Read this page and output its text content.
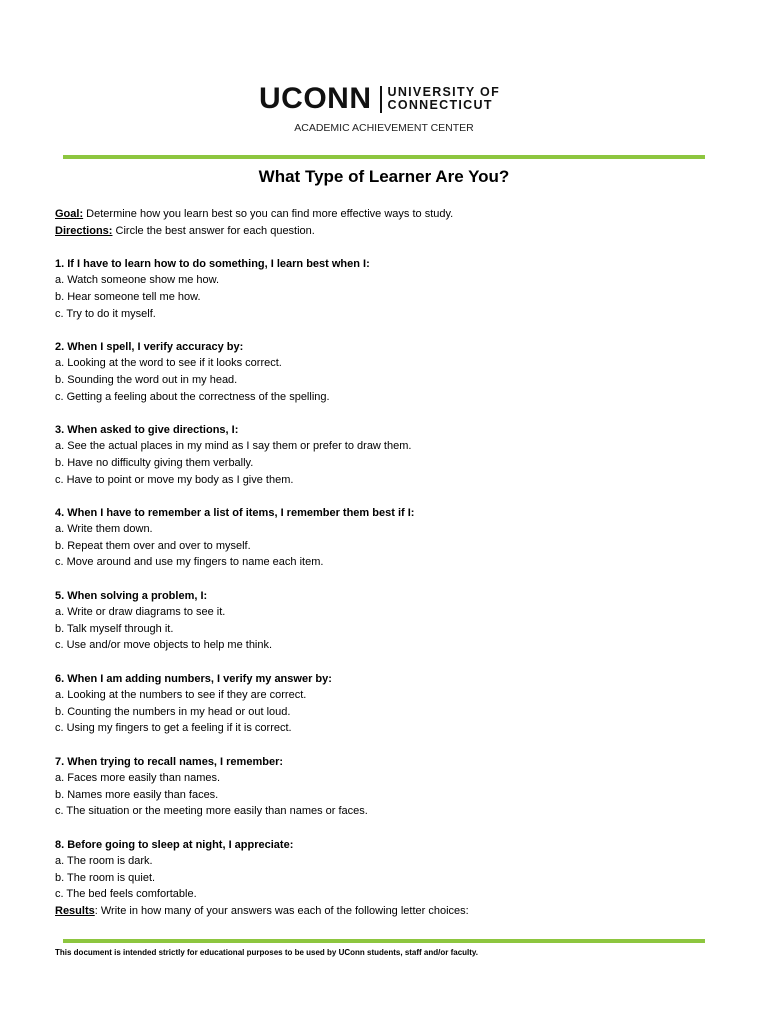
UCONN UNIVERSITY OF
CONNECTICUT
ACADEMIC ACHIEVEMENT CENTER
What Type of Learner Are You?

Goal: Determine how you learn best so you can find more effective ways to study.

Directions: Circle the best answer for each question.

1. If I have to learn how to do something, I learn best when I:

a. Watch someone show me how.

b. Hear someone tell me how.

c. Try to do it myself.

2. When I spell, I verify accuracy by:

a. Looking at the word to see if it looks correct.

b. Sounding the word out in my head.

c. Getting a feeling about the correctness of the spelling.

3. When asked to give directions, I:

a. See the actual places in my mind as I say them or prefer to draw them.

b. Have no difficulty giving them verbally.

c. Have to point or move my body as I give them.

4. When I have to remember a list of items, I remember them best if I:

a. Write them down.

b. Repeat them over and over to myself.

c. Move around and use my fingers to name each item.

5. When solving a problem, I:

a. Write or draw diagrams to see it.

b. Talk myself through it.

c. Use and/or move objects to help me think.

6. When I am adding numbers, I verify my answer by:

a. Looking at the numbers to see if they are correct.

b. Counting the numbers in my head or out loud.

c. Using my fingers to get a feeling if it is correct.

7. When trying to recall names, I remember:

a. Faces more easily than names.

b. Names more easily than faces.

c. The situation or the meeting more easily than names or faces.

8. Before going to sleep at night, I appreciate:

a. The room is dark.

b. The room is quiet.

c. The bed feels comfortable.

Results: Write in how many of your answers was each of the following letter choices:

This document is intended strictly for educational purposes to be used by UConn students, staff and/or faculty.
